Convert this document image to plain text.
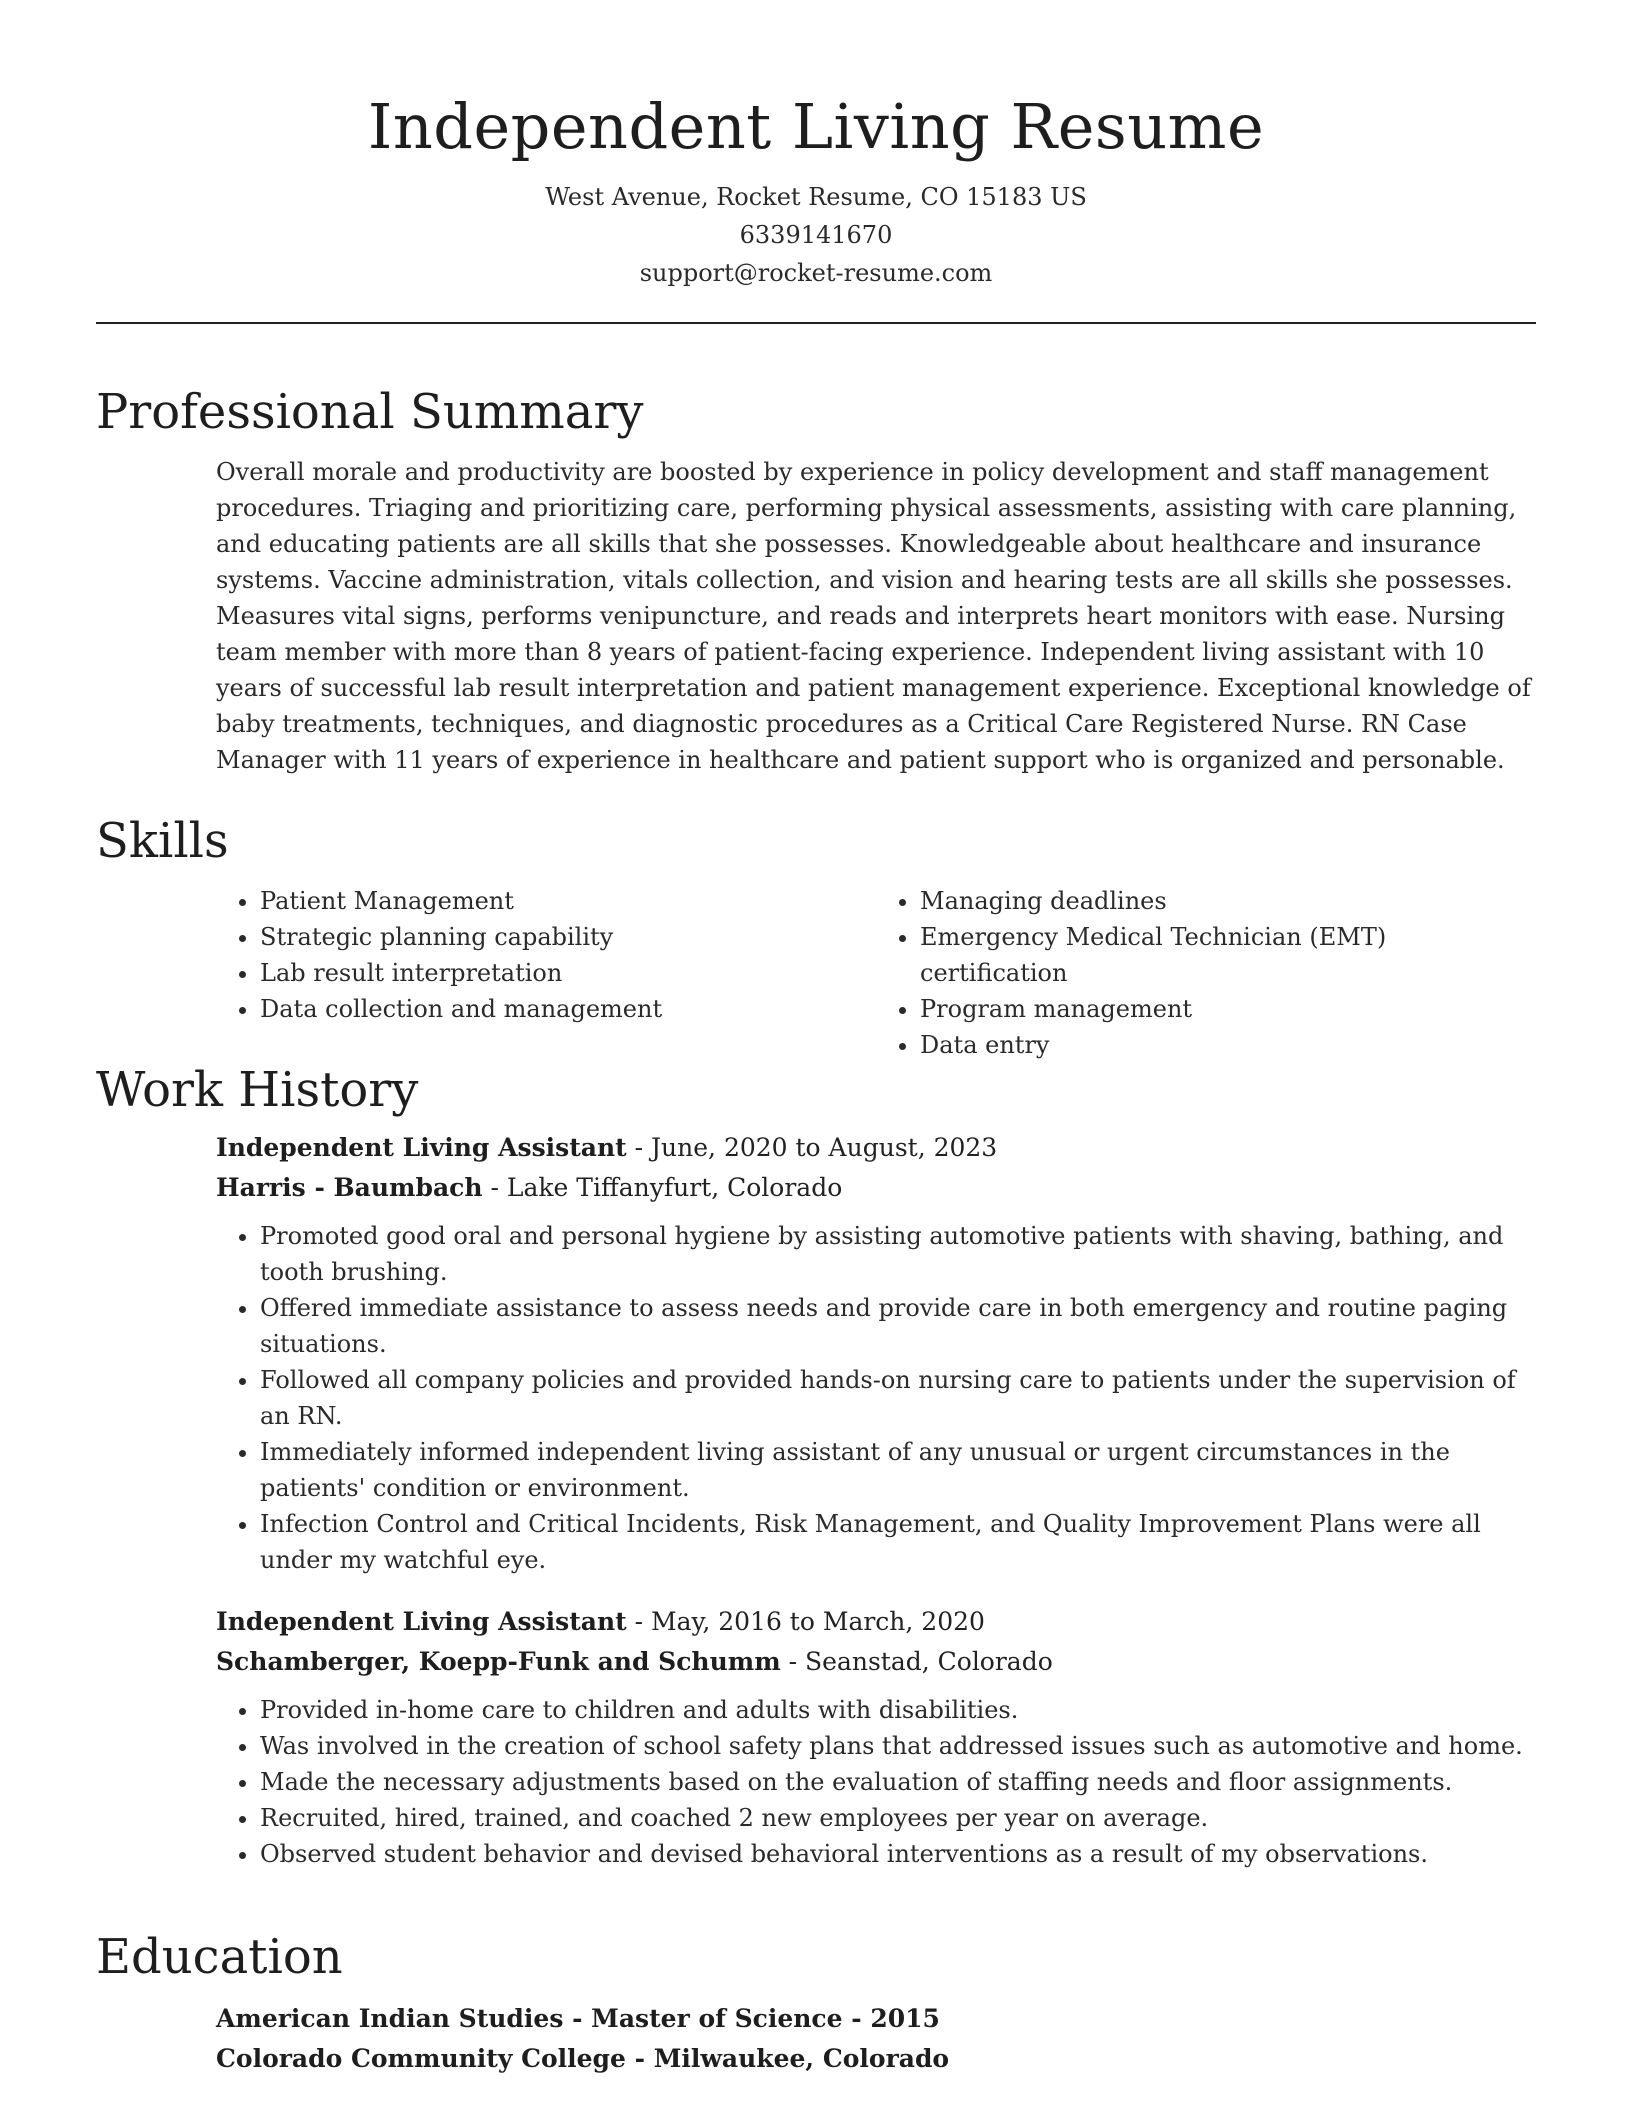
Independent Living Resume
West Avenue, Rocket Resume, CO 15183 US
6339141670
support@rocket-resume.com
Professional Summary

Overall morale and productivity are boosted by experience in policy development and staff management procedures. Triaging and prioritizing care, performing physical assessments, assisting with care planning, and educating patients are all skills that she possesses. Knowledgeable about healthcare and insurance systems. Vaccine administration, vitals collection, and vision and hearing tests are all skills she possesses. Measures vital signs, performs venipuncture, and reads and interprets heart monitors with ease. Nursing team member with more than 8 years of patient-facing experience. Independent living assistant with 10 years of successful lab result interpretation and patient management experience. Exceptional knowledge of baby treatments, techniques, and diagnostic procedures as a Critical Care Registered Nurse. RN Case Manager with 11 years of experience in healthcare and patient support who is organized and personable.

Skills
• Patient Management
• Strategic planning capability
• Lab result interpretation
• Data collection and management
• Managing deadlines
• Emergency Medical Technician (EMT) certification
• Program management
• Data entry
Work History
Independent Living Assistant - June, 2020 to August, 2023
Harris - Baumbach - Lake Tiffanyfurt, Colorado
• Promoted good oral and personal hygiene by assisting automotive patients with shaving, bathing, and tooth brushing.
• Offered immediate assistance to assess needs and provide care in both emergency and routine paging situations.
• Followed all company policies and provided hands-on nursing care to patients under the supervision of an RN.
• Immediately informed independent living assistant of any unusual or urgent circumstances in the patients' condition or environment.
• Infection Control and Critical Incidents, Risk Management, and Quality Improvement Plans were all under my watchful eye.
Independent Living Assistant - May, 2016 to March, 2020
Schamberger, Koepp-Funk and Schumm - Seanstad, Colorado
• Provided in-home care to children and adults with disabilities.
• Was involved in the creation of school safety plans that addressed issues such as automotive and home.
• Made the necessary adjustments based on the evaluation of staffing needs and floor assignments.
• Recruited, hired, trained, and coached 2 new employees per year on average.
• Observed student behavior and devised behavioral interventions as a result of my observations.
Education
American Indian Studies - Master of Science - 2015
Colorado Community College - Milwaukee, Colorado
